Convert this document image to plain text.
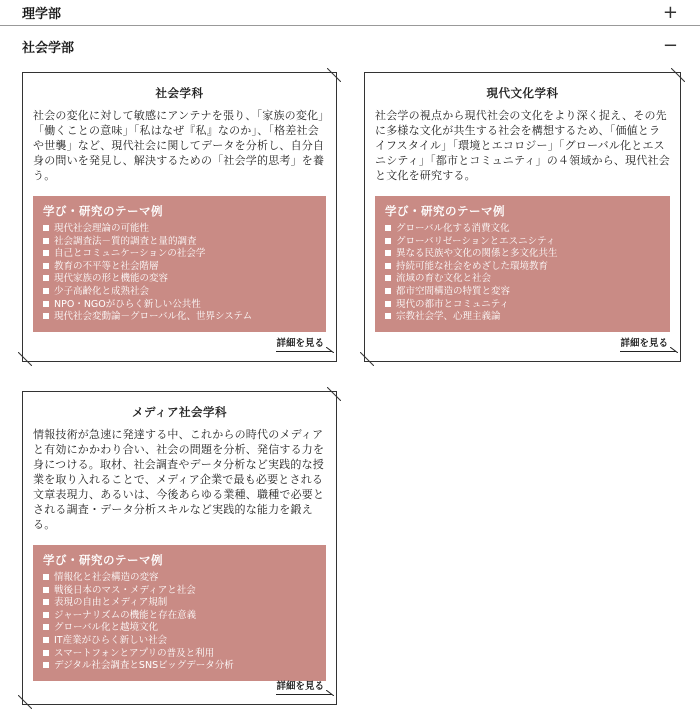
理学部	+
社会学部	−
社会学科

社会の変化に対して敏感にアンテナを張り、「家族の変化」「働くことの意味」「私はなぜ『私』なのか」、「格差社会や世襲」など、現代社会に関してデータを分析し、自分自身の問いを発見し、解決するための「社会学的思考」を養う。

学び・研究のテーマ例
現代社会理論の可能性
社会調査法－質的調査と量的調査
自己とコミュニケーションの社会学
教育の不平等と社会階層
現代家族の形と機能の変容
少子高齢化と成熟社会
NPO・NGOがひらく新しい公共性
現代社会変動論－グローバル化、世界システム
詳細を見る
現代文化学科

社会学の視点から現代社会の文化をより深く捉え、その先に多様な文化が共生する社会を構想するため、「価値とライフスタイル」「環境とエコロジー」「グローバル化とエスニシティ」「都市とコミュニティ」の４領域から、現代社会と文化を研究する。

学び・研究のテーマ例
グローバル化する消費文化
グローバリゼーションとエスニシティ
異なる民族や文化の関係と多文化共生
持続可能な社会をめざした環境教育
流域の育む文化と社会
都市空間構造の特質と変容
現代の都市とコミュニティ
宗教社会学、心理主義論
詳細を見る
メディア社会学科

情報技術が急速に発達する中、これからの時代のメディアと有効にかかわり合い、社会の問題を分析、発信する力を身につける。取材、社会調査やデータ分析など実践的な授業を取り入れることで、メディア企業で最も必要とされる文章表現力、あるいは、今後あらゆる業種、職種で必要とされる調査・データ分析スキルなど実践的な能力を鍛える。

学び・研究のテーマ例
情報化と社会構造の変容
戦後日本のマス・メディアと社会
表現の自由とメディア規制
ジャーナリズムの機能と存在意義
グローバル化と越境文化
IT産業がひらく新しい社会
スマートフォンとアプリの普及と利用
デジタル社会調査とSNSビッグデータ分析
詳細を見る
